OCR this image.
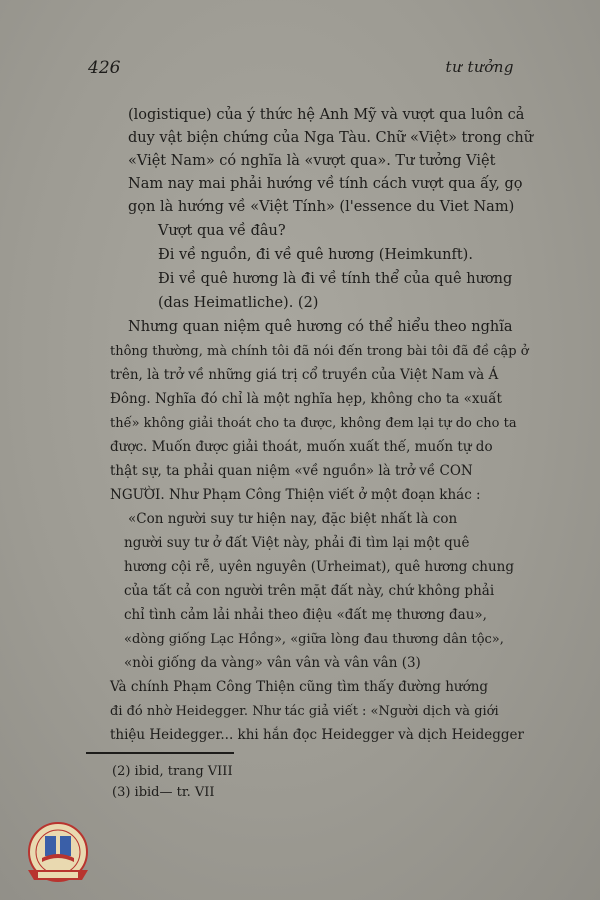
426	tư tưởng
(logistique) của ý thức hệ Anh Mỹ và vượt qua luôn cả
duy vật biện chứng của Nga Tàu. Chữ «Việt» trong chữ
«Việt Nam» có nghĩa là «vượt qua». Tư tưởng Việt
Nam nay mai phải hướng về tính cách vượt qua ấy, gọ
gọn là hướng về «Việt Tính» (l'essence du Viet Nam)
Vượt qua về đâu?
Đi về nguồn, đi về quê hương (Heimkunft).
Đi về quê hương là đi về tính thể của quê hương
(das Heimatliche). (2)
Nhưng quan niệm quê hương có thể hiểu theo nghĩa
thông thường, mà chính tôi đã nói đến trong bài tôi đã đề cập ở
trên, là trở về những giá trị cổ truyền của Việt Nam và Á
Đông. Nghĩa đó chỉ là một nghĩa hẹp, không cho ta «xuất
thế» không giải thoát cho ta được, không đem lại tự do cho ta
được. Muốn được giải thoát, muốn xuất thế, muốn tự do
thật sự, ta phải quan niệm «về nguồn» là trở về CON
NGƯỜI. Như Phạm Công Thiện viết ở một đoạn khác :
«Con người suy tư hiện nay, đặc biệt nhất là con
người suy tư ở đất Việt này, phải đi tìm lại một quê
hương cội rễ, uyên nguyên (Urheimat), quê hương chung
của tất cả con người trên mặt đất này, chứ không phải
chỉ tình cảm lải nhải theo điệu «đất mẹ thương đau»,
«dòng giống Lạc Hồng», «giữa lòng đau thương dân tộc»,
«nòi giống da vàng» vân vân và vân vân (3)
Và chính Phạm Công Thiện cũng tìm thấy đường hướng
đi đó nhờ Heidegger. Như tác giả viết : «Người dịch và giới
thiệu Heidegger... khi hắn đọc Heidegger và dịch Heidegger
(2) ibid, trang VIII
(3) ibid— tr. VII
